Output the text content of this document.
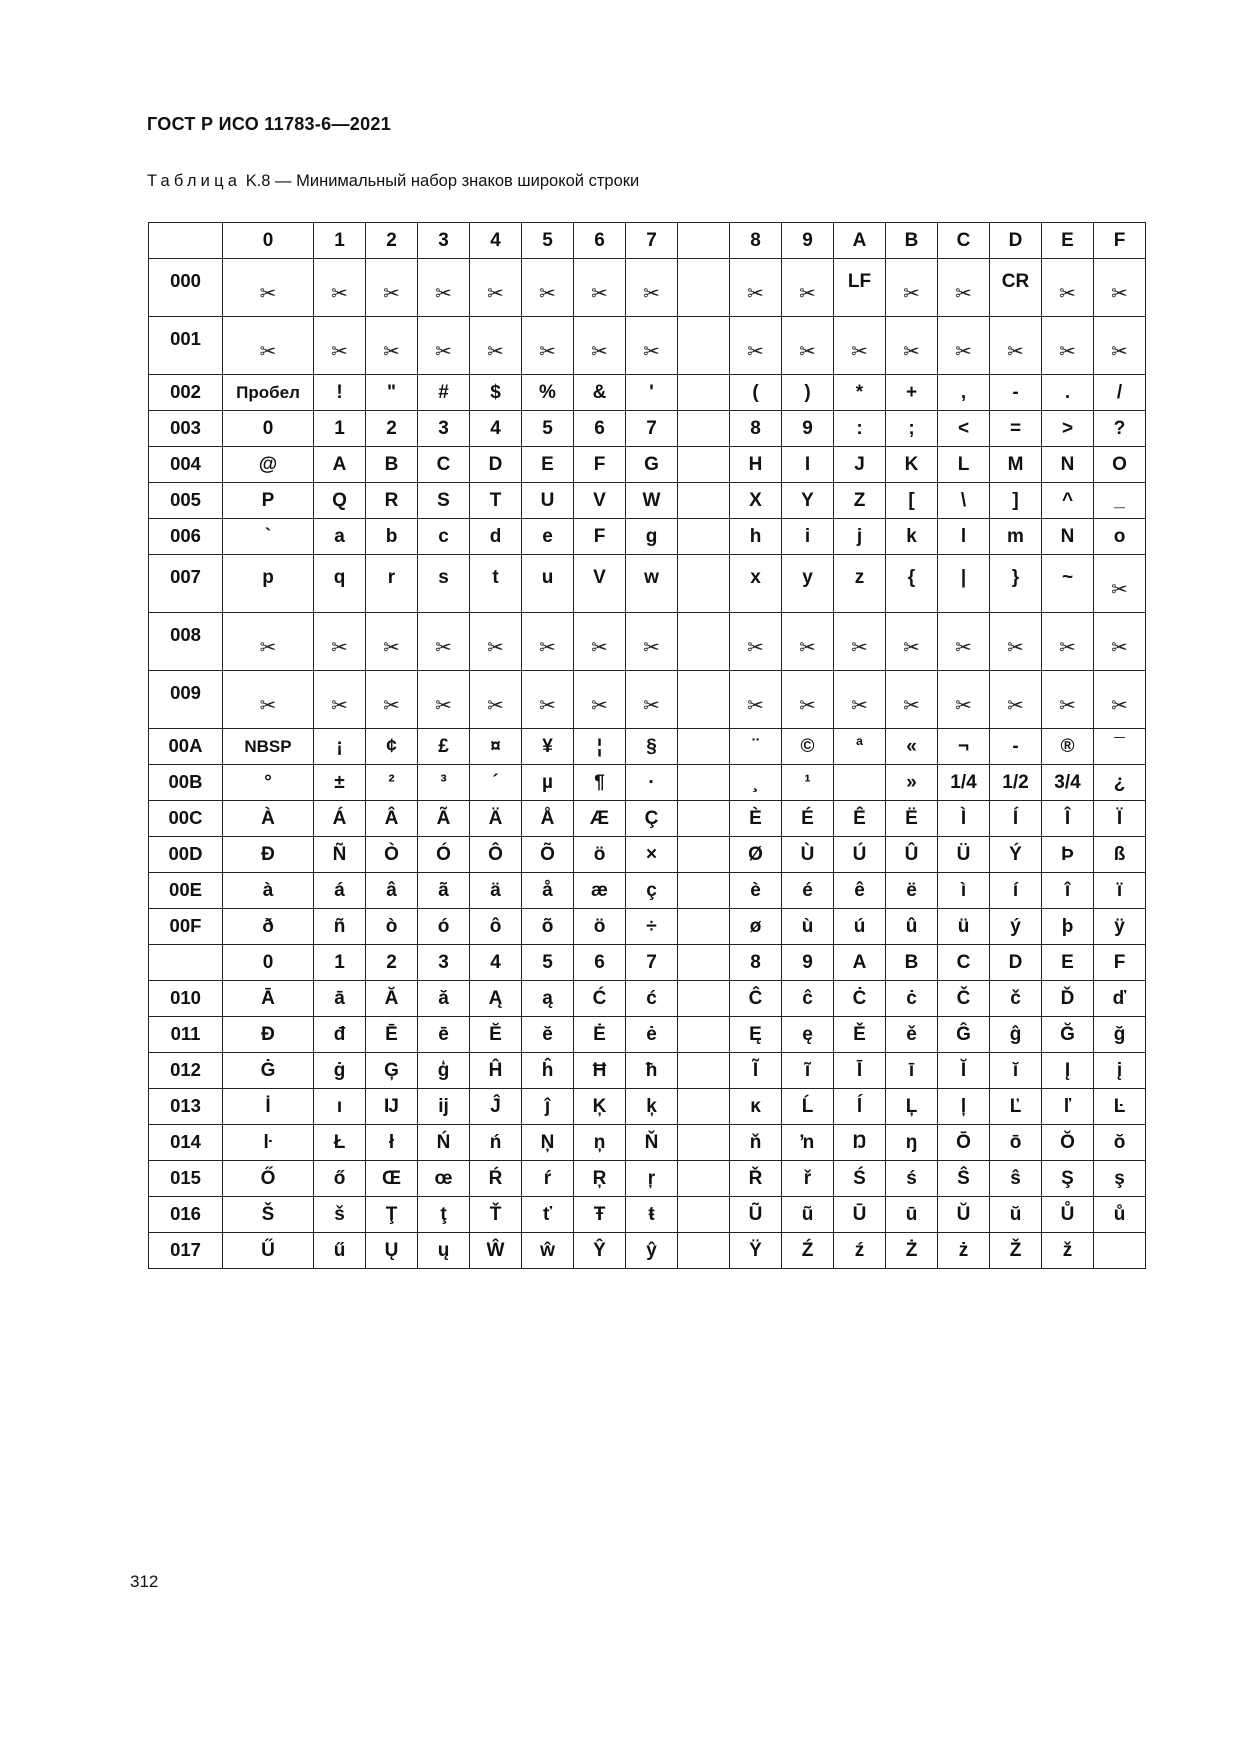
ГОСТ Р ИСО 11783-6—2021
Таблица K.8 — Минимальный набор знаков широкой строки
	0	1	2	3	4	5	6	7		8	9	A	B	C	D	E	F
000	✂	✂	✂	✂	✂	✂	✂	✂		✂	✂	LF	✂	✂	CR	✂	✂
001	✂	✂	✂	✂	✂	✂	✂	✂		✂	✂	✂	✂	✂	✂	✂	✂
002	Пробел	!	"	#	$	%	&	'		(	)	*	+	,	-	.	/
003	0	1	2	3	4	5	6	7		8	9	:	;	<	=	>	?
004	@	A	B	C	D	E	F	G		H	I	J	K	L	M	N	O
005	P	Q	R	S	T	U	V	W		X	Y	Z	[	\	]	^	_
006	`	a	b	c	d	e	F	g		h	i	j	k	l	m	N	o
007	p	q	r	s	t	u	V	w		x	y	z	{	|	}	~	✂
008	✂	✂	✂	✂	✂	✂	✂	✂		✂	✂	✂	✂	✂	✂	✂	✂
009	✂	✂	✂	✂	✂	✂	✂	✂		✂	✂	✂	✂	✂	✂	✂	✂
00A	NBSP	¡	¢	£	¤	¥	¦	§		¨	©	ª	«	¬	-	®	¯
00B	°	±	²	³	´	µ	¶	·		¸	¹		»	1/4	1/2	3/4	¿
00C	À	Á	Â	Ã	Ä	Å	Æ	Ç		È	É	Ê	Ë	Ì	Í	Î	Ï
00D	Đ	Ñ	Ò	Ó	Ô	Õ	ö	×		Ø	Ù	Ú	Û	Ü	Ý	Þ	ß
00E	à	á	â	ã	ä	å	æ	ç		è	é	ê	ë	ì	í	î	ï
00F	ð	ñ	ò	ó	ô	õ	ö	÷		ø	ù	ú	û	ü	ý	þ	ÿ
	0	1	2	3	4	5	6	7		8	9	A	B	C	D	E	F
010	Ā	ā	Ă	ă	Ą	ą	Ć	ć		Ĉ	ĉ	Ċ	ċ	Č	č	Ď	ď
011	Đ	đ	Ē	ē	Ĕ	ĕ	Ė	ė		Ę	ę	Ě	ě	Ĝ	ĝ	Ğ	ğ
012	Ġ	ġ	Ģ	ģ	Ĥ	ĥ	Ħ	ħ		Ĩ	ĩ	Ī	ī	Ĭ	ĭ	Į	į
013	İ	ı	Ĳ	ĳ	Ĵ	ĵ	Ķ	ķ		ĸ	Ĺ	ĺ	Ļ	ļ	Ľ	ľ	Ŀ
014	ŀ	Ł	ł	Ń	ń	Ņ	ņ	Ň		ň	ŉ	Ŋ	ŋ	Ō	ō	Ŏ	ŏ
015	Ő	ő	Œ	œ	Ŕ	ŕ	Ŗ	ŗ		Ř	ř	Ś	ś	Ŝ	ŝ	Ş	ş
016	Š	š	Ţ	ţ	Ť	ť	Ŧ	ŧ		Ũ	ũ	Ū	ū	Ŭ	ŭ	Ů	ů
017	Ű	ű	Ų	ų	Ŵ	ŵ	Ŷ	ŷ		Ÿ	Ź	ź	Ż	ż	Ž	ž	
312
